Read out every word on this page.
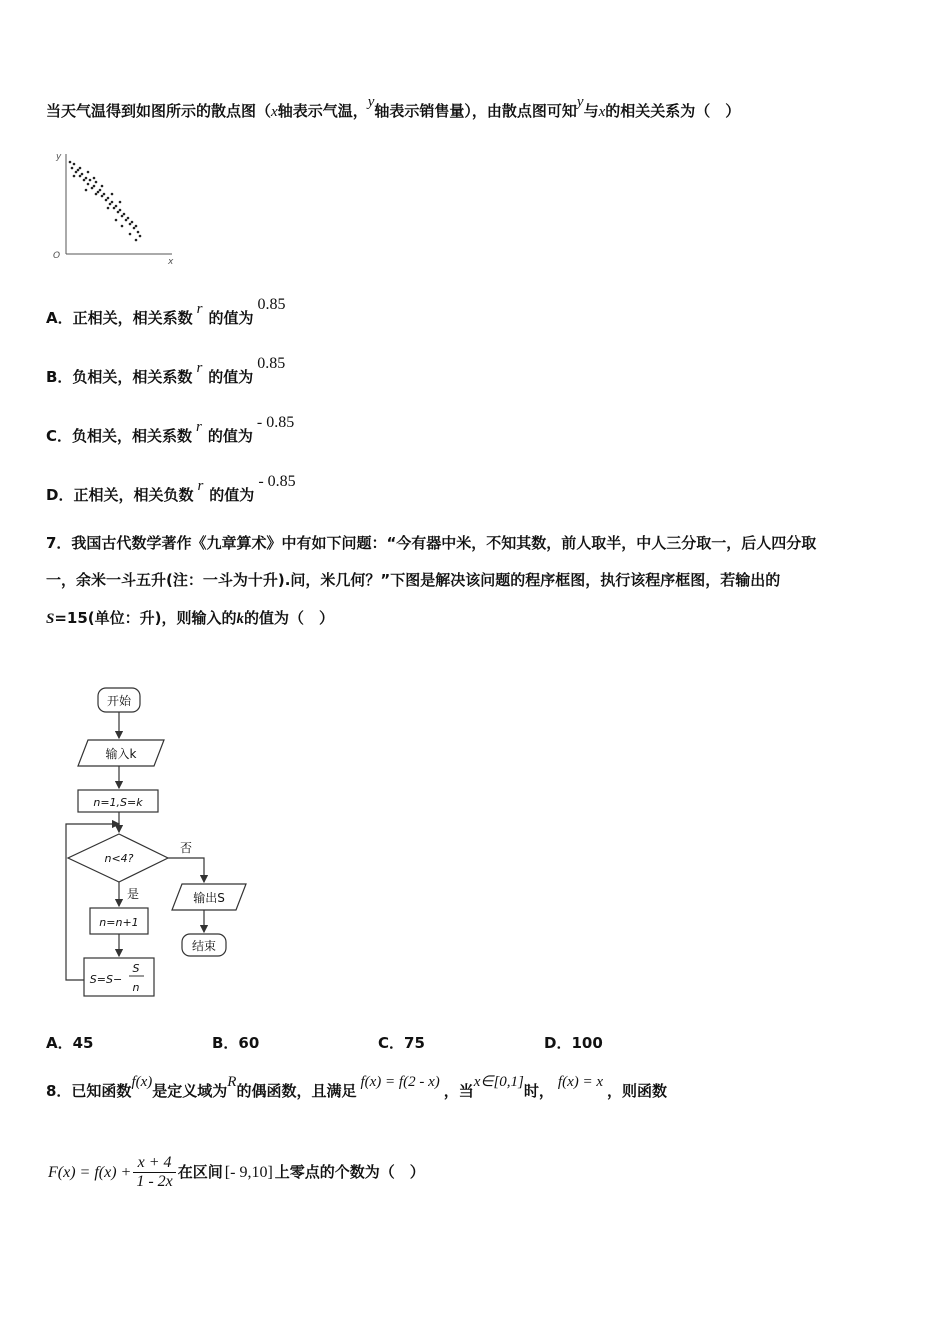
当天气温得到如图所示的散点图（x轴表示气温，y轴表示销售量），由散点图可知y与x的相关关系为（　）
y
x
O
A．正相关，相关系数 r 的值为0.85
B．负相关，相关系数 r 的值为0.85
C．负相关，相关系数 r 的值为- 0.85
D．正相关，相关负数 r 的值为- 0.85
7．我国古代数学著作《九章算术》中有如下问题：“今有器中米，不知其数，前人取半，中人三分取一，后人四分取
一，余米一斗五升(注：一斗为十升).问，米几何？”下图是解决该问题的程序框图，执行该程序框图，若输出的
S=15(单位：升)，则输入的k的值为（　）
开始
输入k
n=1,S=k
n<4?
否
是	输出S
结束
n=n+1
S=S−
S
n
A．45	B．60	C．75	D．100
8．已知函数f(x)是定义域为R的偶函数，且满足 f(x) = f(2 - x) ，当x∈[0,1]时， f(x) = x ，则函数
$F(x) = f(x) + \frac{x + 4}{1 - 2x}$ 在区间 [- 9,10] 上零点的个数为（　）
